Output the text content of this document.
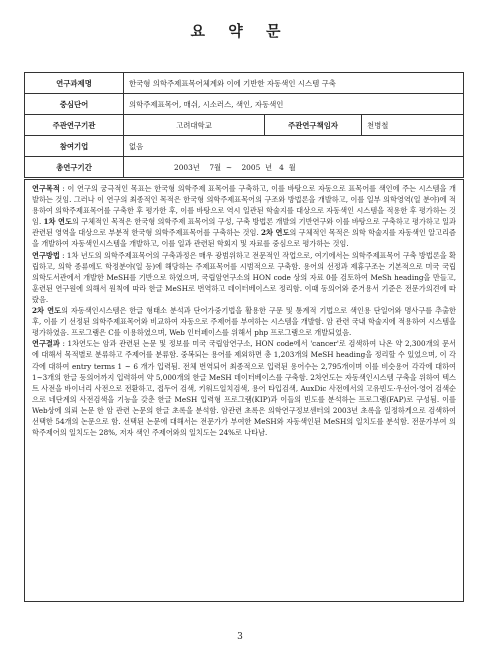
요 약 문
연구과제명	한국형 의학주제표목어체계와 이에 기반한 자동색인 시스템 구축		
중심단어	의학주제표목어, 매쉬, 시소러스, 색인, 자동색인		
주관연구기관	고려대학교	주관연구책임자	천병철
참여기업	없음		
총연구기간	2003년    7월  ~    2005  년   4  월		

연구목적 : 이 연구의 궁극적인 목표는 한국형 의학주제 표목어를 구축하고, 이를 바탕으로 자동으로 표목어를 색인에 주는 시스템을 개발하는 것임. 그러나 이 연구의 최종적인 목적은 한국형 의학주제표목어의 구조와 방법론을 개발하고, 이를 일부 의학영역(일 분야)에 적용하여 의학주제표목어를 구축한 후 평가한 후, 이를 바탕으로 역시 일관된 학술지를 대상으로 자동색인 시스템을 적용한 후 평가하는 것임. 1차 연도의 구체적인 목적은 한국형 의학주제 표목어의 구성, 구축 방법론 개발의 기반연구와 이를 바탕으로 구축하고 평가하고 일과 관련된 영역을 대상으로 부분적 한국형 의학주제표목어를 구축하는 것임. 2차 연도의 구체적인 목적은 의학 학술지를 자동색인 알고리즘을 개발하여 자동색인시스템을 개발하고, 이를 일과 관련된 학회지 및 자료를 중심으로 평가하는 것임.

연구방법 : 1차 년도의 의학주제표목어의 구축과정은 매우 광범위하고 전문적인 작업으로, 여기에서는 의학주제표목어 구축 방법론을 확립하고, 의학 종류에도 학정분야(일 등)에 해당하는 주제표목어를 시범적으로 구축함. 용어의 선정과 제휴구조는 기본적으로 미국 국립의학도서관에서 개발한 MeSH를 기반으로 하였으며, 국립암연구소의 HON code 상의 자료 0를 검토하여 MeSh heading을 만들고, 훈련된 연구원에 의해서 원칙에 따라 한글 MeSH로 번역하고 데이터베이스로 정리함. 이때 동의어와 준거용서 기준은 전문가의견에 따랐음.

2차 연도의 자동색인시스템은 한글 형태소 분석과 단어가중기법을 활용한 구문 및 통계적 기법으로 색인용 단일어와 명사구를 추출한 후, 이를 기 선정된 의학주제표목어와 비교하여 자동으로 주제어를 부여하는 시스템을 개발함. 암 관련 국내 학술지에 적용하여 시스템을 평가하였음. 프로그램은 C를 이용하였으며, Web 인터페이스를 위해서 php 프로그램으로 개발되었음.

연구결과 : 1차연도는 암과 관련된 논문 및 정보를 미국 국립암연구소, HON code에서 'cancer'로 검색하여 나온 약 2,300개의 문서에 대해서 목적별로 분류하고 주제어를 분류함. 중복되는 용어를 제외하면 총 1,203개의 MeSH heading을 정리할 수 있었으며, 이 각각에 대하여 entry terms 1 ~ 6 개가 입력됨. 전체 번역되어 최종적으로 입력된 용어수는 2,795개이며 이를 비슷용어 각각에 대하여 1~3개의 한글 동의어까지 입력하여 약 5,000개의 한글 MeSH 데이터베이스를 구축함. 2차연도는 자동색인시스템 구축을 위하여 텍스트 사전을 바이너리 사전으로 전환하고, 접두어 검색, 키워드일치검색, 용어 타입검색, AuxDic 사전에서의 고유빈도·우선어·영어 검색순으로 네단계의 사전검색을 기능을 갖춘 한글 MeSH 입력형 프로그램(KIP)과 이들의 빈도를 분석하는 프로그램(FAP)로 구성됨. 이를 Web상에 의뢰 논문 한 암 관련 논문의 한글 초록을 분석함. 암관련 초록은 의학연구정보센터의 2003년 초록을 일정하게으로 검색하여 선택한 54개의 논문으로 함. 선택된 논문에 대해서는 전문가가 부여한 MeSH와 자동색인된 MeSH의 일치도를 분석함. 전문가부여 의학주제어의 일치도는 28%, 저자 색인 주제어와의 일치도는 24%로 나타남.

3
